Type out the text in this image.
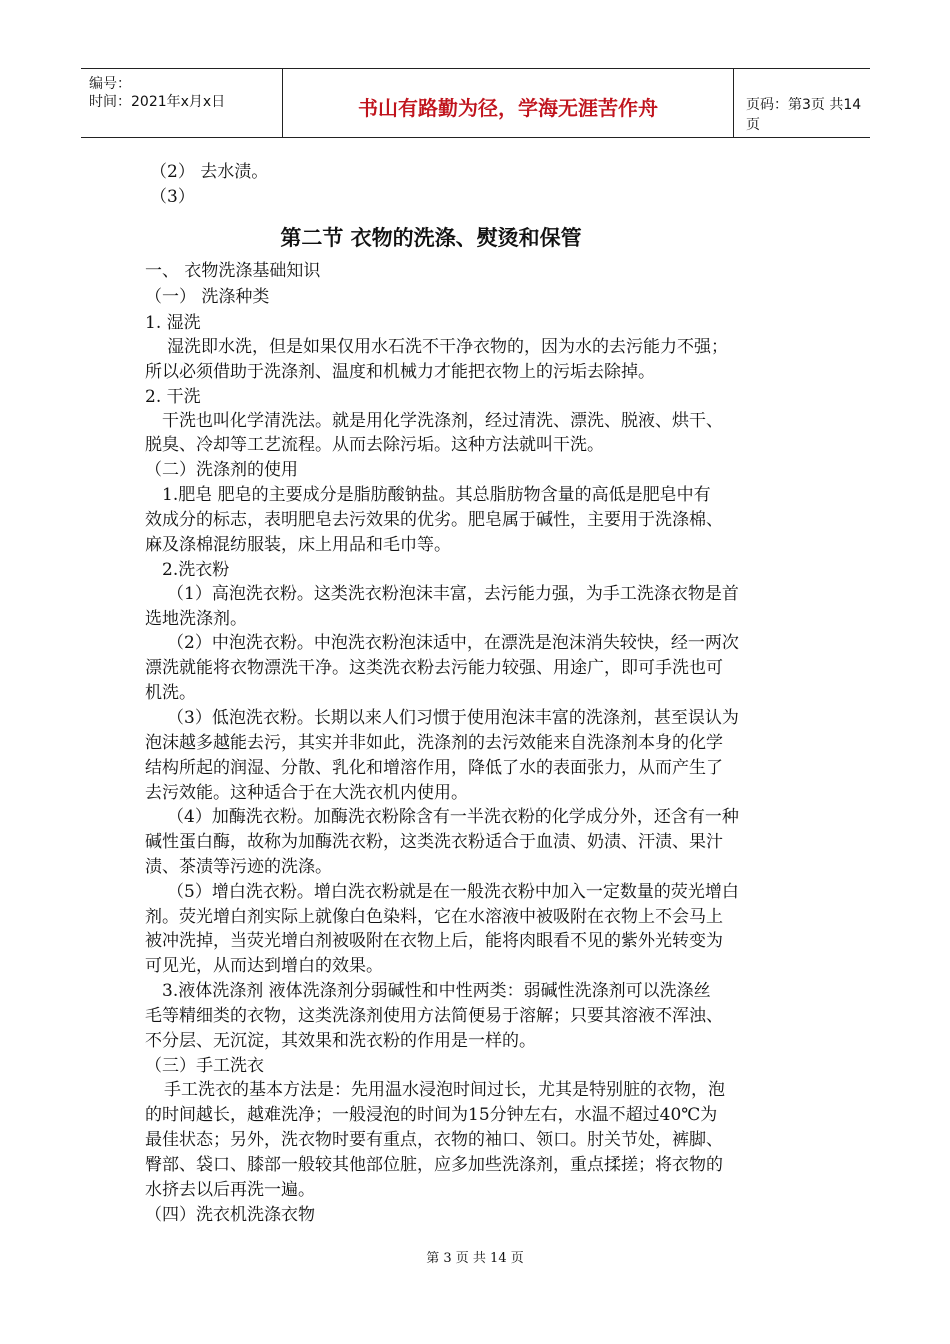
编号：
时间：2021年x月x日	书山有路勤为径，学海无涯苦作舟	页码：第3页 共14页
（2） 去水渍。
（3）
第二节 衣物的洗涤、熨烫和保管
一、 衣物洗涤基础知识
（一） 洗涤种类
1. 湿洗
湿洗即水洗，但是如果仅用水石洗不干净衣物的，因为水的去污能力不强；
所以必须借助于洗涤剂、温度和机械力才能把衣物上的污垢去除掉。
2. 干洗
干洗也叫化学清洗法。就是用化学洗涤剂，经过清洗、漂洗、脱液、烘干、
脱臭、冷却等工艺流程。从而去除污垢。这种方法就叫干洗。
（二）洗涤剂的使用
1.肥皂 肥皂的主要成分是脂肪酸钠盐。其总脂肪物含量的高低是肥皂中有
效成分的标志，表明肥皂去污效果的优劣。肥皂属于碱性，主要用于洗涤棉、
麻及涤棉混纺服装，床上用品和毛巾等。
2.洗衣粉
（1）高泡洗衣粉。这类洗衣粉泡沫丰富，去污能力强，为手工洗涤衣物是首
选地洗涤剂。
（2）中泡洗衣粉。中泡洗衣粉泡沫适中，在漂洗是泡沫消失较快，经一两次
漂洗就能将衣物漂洗干净。这类洗衣粉去污能力较强、用途广，即可手洗也可
机洗。
（3）低泡洗衣粉。长期以来人们习惯于使用泡沫丰富的洗涤剂，甚至误认为
泡沫越多越能去污，其实并非如此，洗涤剂的去污效能来自洗涤剂本身的化学
结构所起的润湿、分散、乳化和增溶作用，降低了水的表面张力，从而产生了
去污效能。这种适合于在大洗衣机内使用。
（4）加酶洗衣粉。加酶洗衣粉除含有一半洗衣粉的化学成分外，还含有一种
碱性蛋白酶，故称为加酶洗衣粉，这类洗衣粉适合于血渍、奶渍、汗渍、果汁
渍、茶渍等污迹的洗涤。
（5）增白洗衣粉。增白洗衣粉就是在一般洗衣粉中加入一定数量的荧光增白
剂。荧光增白剂实际上就像白色染料，它在水溶液中被吸附在衣物上不会马上
被冲洗掉，当荧光增白剂被吸附在衣物上后，能将肉眼看不见的紫外光转变为
可见光，从而达到增白的效果。
3.液体洗涤剂 液体洗涤剂分弱碱性和中性两类：弱碱性洗涤剂可以洗涤丝
毛等精细类的衣物，这类洗涤剂使用方法简便易于溶解；只要其溶液不浑浊、
不分层、无沉淀，其效果和洗衣粉的作用是一样的。
（三）手工洗衣
手工洗衣的基本方法是：先用温水浸泡时间过长，尤其是特别脏的衣物，泡
的时间越长，越难洗净；一般浸泡的时间为15分钟左右，水温不超过40℃为
最佳状态；另外，洗衣物时要有重点，衣物的袖口、领口。肘关节处，裤脚、
臀部、袋口、膝部一般较其他部位脏，应多加些洗涤剂，重点揉搓；将衣物的
水挤去以后再洗一遍。
（四）洗衣机洗涤衣物
第 3 页 共 14 页
